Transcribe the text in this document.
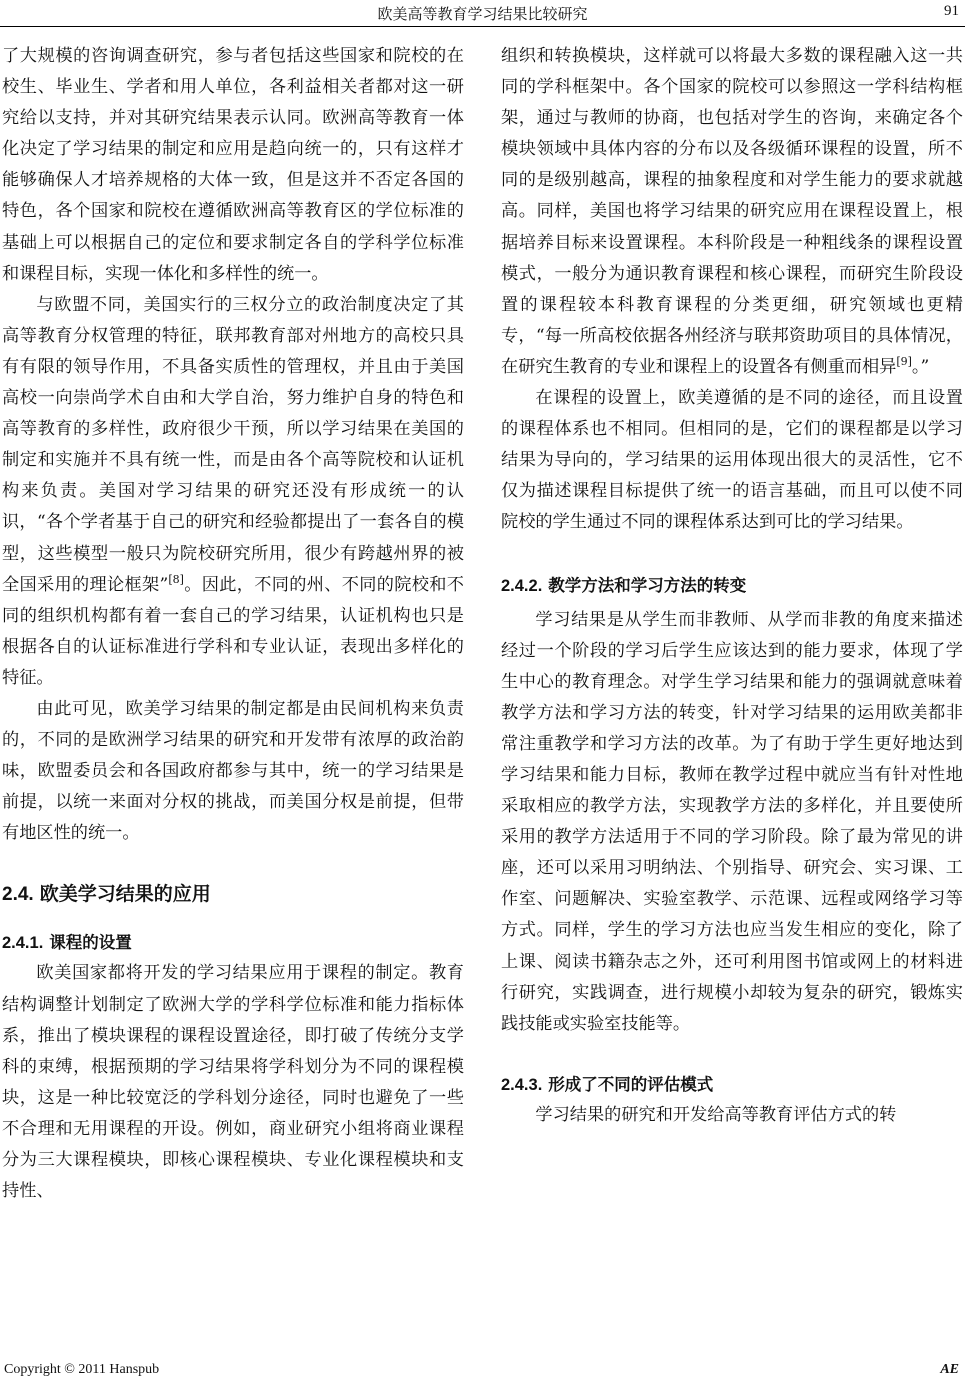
欧美高等教育学习结果比较研究	91

了大规模的咨询调查研究，参与者包括这些国家和院校的在校生、毕业生、学者和用人单位，各利益相关者都对这一研究给以支持，并对其研究结果表示认同。欧洲高等教育一体化决定了学习结果的制定和应用是趋向统一的，只有这样才能够确保人才培养规格的大体一致，但是这并不否定各国的特色，各个国家和院校在遵循欧洲高等教育区的学位标准的基础上可以根据自己的定位和要求制定各自的学科学位标准和课程目标，实现一体化和多样性的统一。

与欧盟不同，美国实行的三权分立的政治制度决定了其高等教育分权管理的特征，联邦教育部对州地方的高校只具有有限的领导作用，不具备实质性的管理权，并且由于美国高校一向崇尚学术自由和大学自治，努力维护自身的特色和高等教育的多样性，政府很少干预，所以学习结果在美国的制定和实施并不具有统一性，而是由各个高等院校和认证机构来负责。美国对学习结果的研究还没有形成统一的认识，“各个学者基于自己的研究和经验都提出了一套各自的模型，这些模型一般只为院校研究所用，很少有跨越州界的被全国采用的理论框架”[8]。因此，不同的州、不同的院校和不同的组织机构都有着一套自己的学习结果，认证机构也只是根据各自的认证标准进行学科和专业认证，表现出多样化的特征。

由此可见，欧美学习结果的制定都是由民间机构来负责的，不同的是欧洲学习结果的研究和开发带有浓厚的政治韵味，欧盟委员会和各国政府都参与其中，统一的学习结果是前提，以统一来面对分权的挑战，而美国分权是前提，但带有地区性的统一。

2.4. 欧美学习结果的应用
2.4.1. 课程的设置

欧美国家都将开发的学习结果应用于课程的制定。教育结构调整计划制定了欧洲大学的学科学位标准和能力指标体系，推出了模块课程的课程设置途径，即打破了传统分支学科的束缚，根据预期的学习结果将学科划分为不同的课程模块，这是一种比较宽泛的学科划分途径，同时也避免了一些不合理和无用课程的开设。例如，商业研究小组将商业课程分为三大课程模块，即核心课程模块、专业化课程模块和支持性、

组织和转换模块，这样就可以将最大多数的课程融入这一共同的学科框架中。各个国家的院校可以参照这一学科结构框架，通过与教师的协商，也包括对学生的咨询，来确定各个模块领域中具体内容的分布以及各级循环课程的设置，所不同的是级别越高，课程的抽象程度和对学生能力的要求就越高。同样，美国也将学习结果的研究应用在课程设置上，根据培养目标来设置课程。本科阶段是一种粗线条的课程设置模式，一般分为通识教育课程和核心课程，而研究生阶段设置的课程较本科教育课程的分类更细，研究领域也更精专，“每一所高校依据各州经济与联邦资助项目的具体情况，在研究生教育的专业和课程上的设置各有侧重而相异[9]。”

在课程的设置上，欧美遵循的是不同的途径，而且设置的课程体系也不相同。但相同的是，它们的课程都是以学习结果为导向的，学习结果的运用体现出很大的灵活性，它不仅为描述课程目标提供了统一的语言基础，而且可以使不同院校的学生通过不同的课程体系达到可比的学习结果。

2.4.2. 教学方法和学习方法的转变

学习结果是从学生而非教师、从学而非教的角度来描述经过一个阶段的学习后学生应该达到的能力要求，体现了学生中心的教育理念。对学生学习结果和能力的强调就意味着教学方法和学习方法的转变，针对学习结果的运用欧美都非常注重教学和学习方法的改革。为了有助于学生更好地达到学习结果和能力目标，教师在教学过程中就应当有针对性地采取相应的教学方法，实现教学方法的多样化，并且要使所采用的教学方法适用于不同的学习阶段。除了最为常见的讲座，还可以采用习明纳法、个别指导、研究会、实习课、工作室、问题解决、实验室教学、示范课、远程或网络学习等方式。同样，学生的学习方法也应当发生相应的变化，除了上课、阅读书籍杂志之外，还可利用图书馆或网上的材料进行研究，实践调查，进行规模小却较为复杂的研究，锻炼实践技能或实验室技能等。

2.4.3. 形成了不同的评估模式

学习结果的研究和开发给高等教育评估方式的转

Copyright © 2011 Hanspub	AE
